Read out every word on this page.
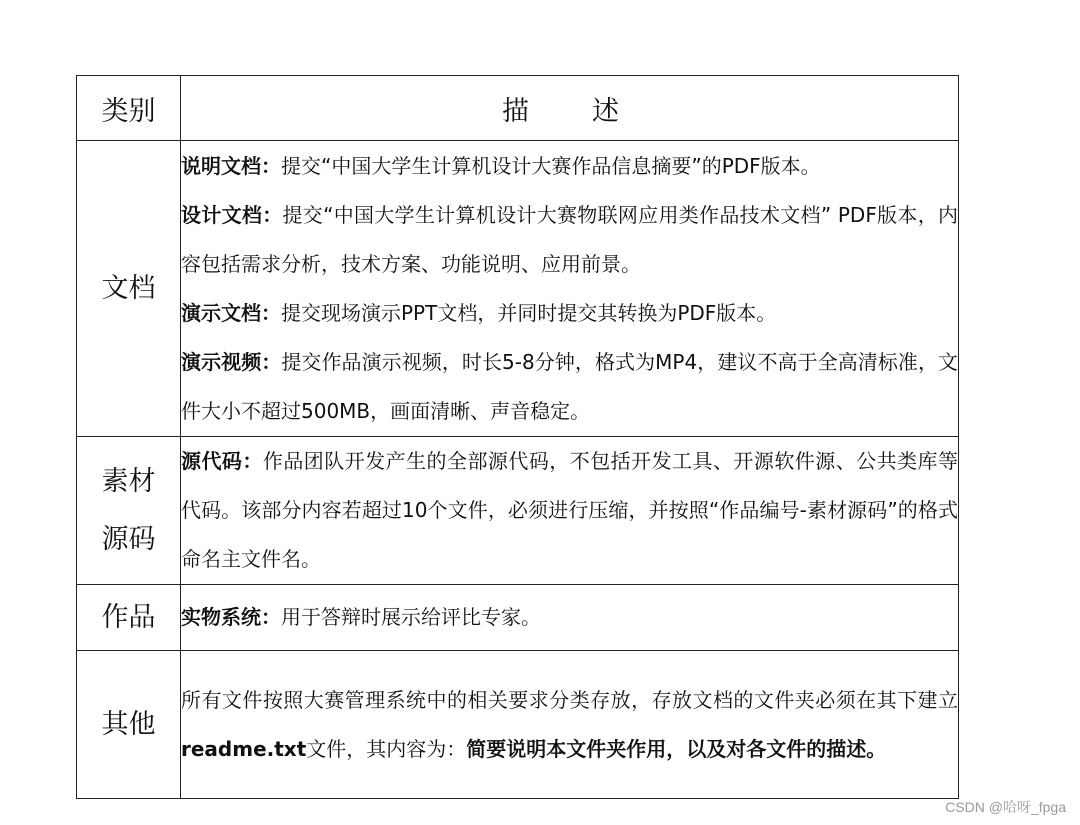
类别	描　述

文档	说明文档：提交“中国大学生计算机设计大赛作品信息摘要”的PDF版本。

设计文档：提交“中国大学生计算机设计大赛物联网应用类作品技术文档” PDF版本，内容包括需求分析，技术方案、功能说明、应用前景。

演示文档：提交现场演示PPT文档，并同时提交其转换为PDF版本。

演示视频：提交作品演示视频，时长5-8分钟，格式为MP4，建议不高于全高清标准，文件大小不超过500MB，画面清晰、声音稳定。

素材
源码	源代码：作品团队开发产生的全部源代码，不包括开发工具、开源软件源、公共类库等代码。该部分内容若超过10个文件，必须进行压缩，并按照“作品编号-素材源码”的格式命名主文件名。

作品	实物系统：用于答辩时展示给评比专家。

其他	所有文件按照大赛管理系统中的相关要求分类存放，存放文档的文件夹必须在其下建立readme.txt文件，其内容为：简要说明本文件夹作用，以及对各文件的描述。

CSDN @哈呀_fpga
